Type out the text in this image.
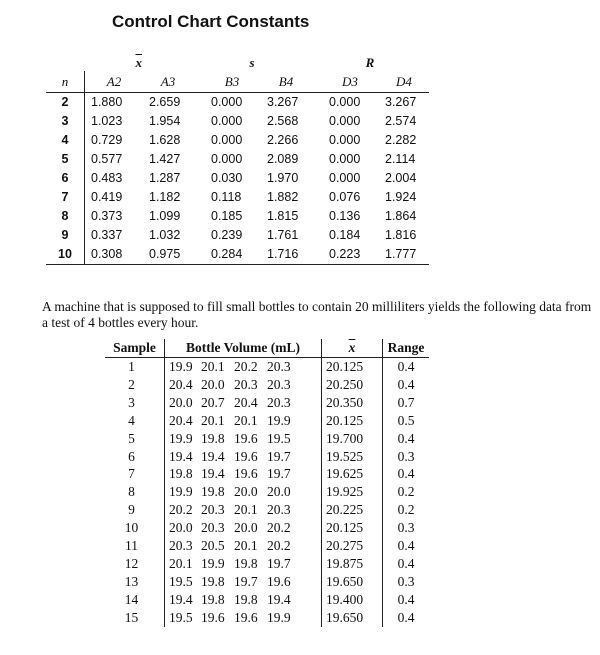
Control Chart Constants
	$\overline{x}$		s		R	
n	A2	A3	B3	B4	D3	D4
2	1.880	2.659	0.000	3.267	0.000	3.267
3	1.023	1.954	0.000	2.568	0.000	2.574
4	0.729	1.628	0.000	2.266	0.000	2.282
5	0.577	1.427	0.000	2.089	0.000	2.114
6	0.483	1.287	0.030	1.970	0.000	2.004
7	0.419	1.182	0.118	1.882	0.076	1.924
8	0.373	1.099	0.185	1.815	0.136	1.864
9	0.337	1.032	0.239	1.761	0.184	1.816
10	0.308	0.975	0.284	1.716	0.223	1.777

A machine that is supposed to fill small bottles to contain 20 milliliters yields the following data from a test of 4 bottles every hour.

Sample	Bottle Volume (mL)	$\overline{x}$	Range
1	19.9 20.1 20.2 20.3	20.125	0.4
2	20.4 20.0 20.3 20.3	20.250	0.4
3	20.0 20.7 20.4 20.3	20.350	0.7
4	20.4 20.1 20.1 19.9	20.125	0.5
5	19.9 19.8 19.6 19.5	19.700	0.4
6	19.4 19.4 19.6 19.7	19.525	0.3
7	19.8 19.4 19.6 19.7	19.625	0.4
8	19.9 19.8 20.0 20.0	19.925	0.2
9	20.2 20.3 20.1 20.3	20.225	0.2
10	20.0 20.3 20.0 20.2	20.125	0.3
11	20.3 20.5 20.1 20.2	20.275	0.4
12	20.1 19.9 19.8 19.7	19.875	0.4
13	19.5 19.8 19.7 19.6	19.650	0.3
14	19.4 19.8 19.8 19.4	19.400	0.4
15	19.5 19.6 19.6 19.9	19.650	0.4
